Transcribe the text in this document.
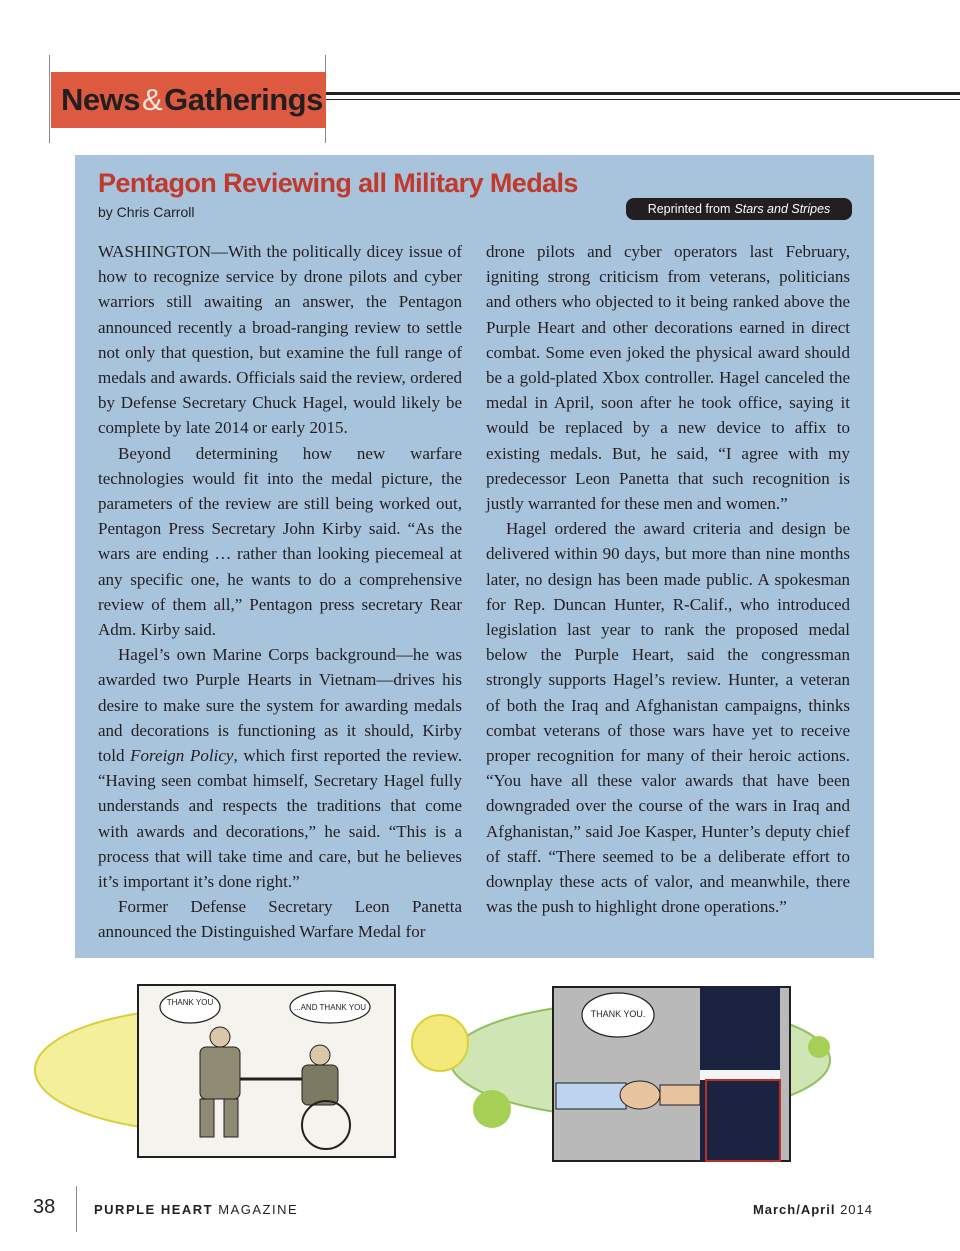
News&Gatherings
Pentagon Reviewing all Military Medals
by Chris Carroll	Reprinted from Stars and Stripes

WASHINGTON—With the politically dicey issue of how to recognize service by drone pilots and cyber warriors still awaiting an answer, the Pentagon announced recently a broad-ranging review to settle not only that question, but examine the full range of medals and awards. Officials said the review, ordered by Defense Secretary Chuck Hagel, would likely be complete by late 2014 or early 2015.

Beyond determining how new warfare technologies would fit into the medal picture, the parameters of the review are still being worked out, Pentagon Press Secretary John Kirby said. “As the wars are ending … rather than looking piecemeal at any specific one, he wants to do a comprehensive review of them all,” Pentagon press secretary Rear Adm. Kirby said.

Hagel’s own Marine Corps background—he was awarded two Purple Hearts in Vietnam—drives his desire to make sure the system for awarding medals and decorations is functioning as it should, Kirby told Foreign Policy, which first reported the review. “Having seen combat himself, Secretary Hagel fully understands and respects the traditions that come with awards and decorations,” he said. “This is a process that will take time and care, but he believes it’s important it’s done right.”

Former Defense Secretary Leon Panetta announced the Distinguished Warfare Medal for

drone pilots and cyber operators last February, igniting strong criticism from veterans, politicians and others who objected to it being ranked above the Purple Heart and other decorations earned in direct combat. Some even joked the physical award should be a gold-plated Xbox controller. Hagel canceled the medal in April, soon after he took office, saying it would be replaced by a new device to affix to existing medals. But, he said, “I agree with my predecessor Leon Panetta that such recognition is justly warranted for these men and women.”

Hagel ordered the award criteria and design be delivered within 90 days, but more than nine months later, no design has been made public. A spokesman for Rep. Duncan Hunter, R-Calif., who introduced legislation last year to rank the proposed medal below the Purple Heart, said the congressman strongly supports Hagel’s review. Hunter, a veteran of both the Iraq and Afghanistan campaigns, thinks combat veterans of those wars have yet to receive proper recognition for many of their heroic actions. “You have all these valor awards that have been downgraded over the course of the wars in Iraq and Afghanistan,” said Joe Kasper, Hunter’s deputy chief of staff. “There seemed to be a deliberate effort to downplay these acts of valor, and meanwhile, there was the push to highlight drone operations.”

THANK YOU
...AND THANK YOU
THANK YOU.
38	PURPLE HEART MAGAZINE	March/April 2014
